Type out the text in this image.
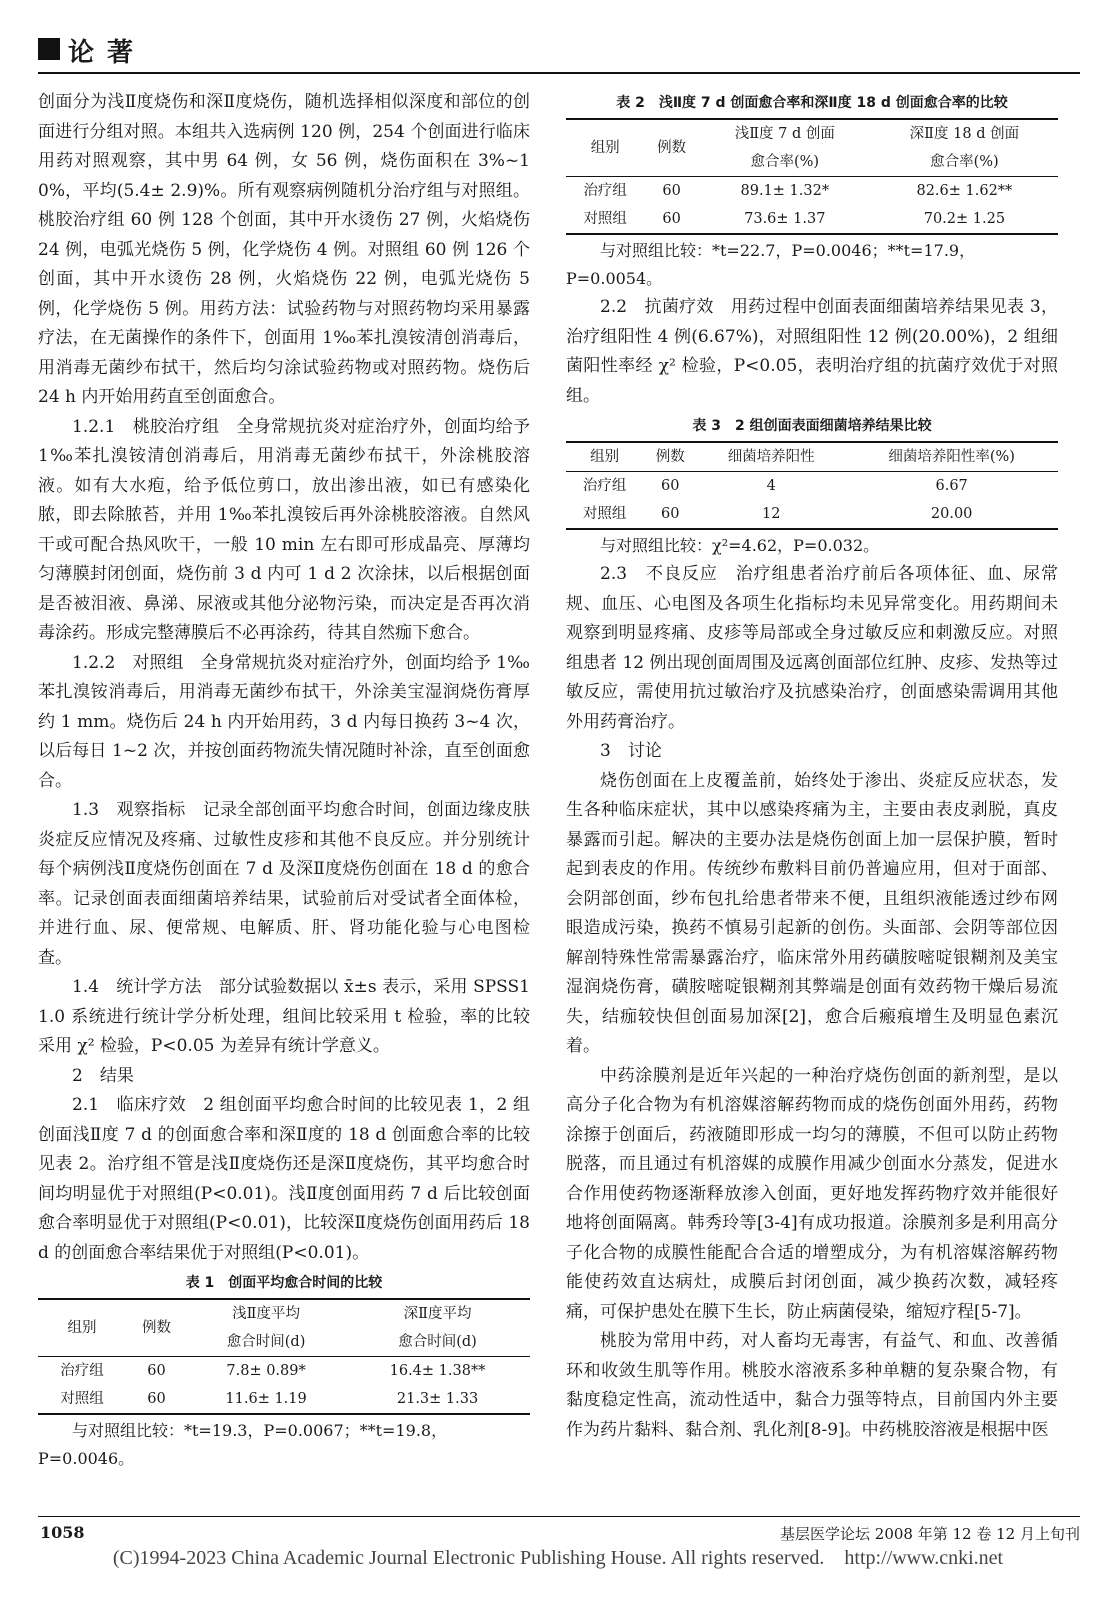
论 著

创面分为浅Ⅱ度烧伤和深Ⅱ度烧伤，随机选择相似深度和部位的创面进行分组对照。本组共入选病例 120 例，254 个创面进行临床用药对照观察，其中男 64 例，女 56 例，烧伤面积在 3%~10%，平均(5.4± 2.9)%。所有观察病例随机分治疗组与对照组。桃胶治疗组 60 例 128 个创面，其中开水烫伤 27 例，火焰烧伤 24 例，电弧光烧伤 5 例，化学烧伤 4 例。对照组 60 例 126 个创面，其中开水烫伤 28 例，火焰烧伤 22 例，电弧光烧伤 5 例，化学烧伤 5 例。用药方法：试验药物与对照药物均采用暴露疗法，在无菌操作的条件下，创面用 1‰苯扎溴铵清创消毒后，用消毒无菌纱布拭干，然后均匀涂试验药物或对照药物。烧伤后 24 h 内开始用药直至创面愈合。

1.2.1　桃胶治疗组　全身常规抗炎对症治疗外，创面均给予 1‰苯扎溴铵清创消毒后，用消毒无菌纱布拭干，外涂桃胶溶液。如有大水疱，给予低位剪口，放出渗出液，如已有感染化脓，即去除脓苔，并用 1‰苯扎溴铵后再外涂桃胶溶液。自然风干或可配合热风吹干，一般 10 min 左右即可形成晶亮、厚薄均匀薄膜封闭创面，烧伤前 3 d 内可 1 d 2 次涂抹，以后根据创面是否被泪液、鼻涕、尿液或其他分泌物污染，而决定是否再次消毒涂药。形成完整薄膜后不必再涂药，待其自然痂下愈合。

1.2.2　对照组　全身常规抗炎对症治疗外，创面均给予 1‰苯扎溴铵消毒后，用消毒无菌纱布拭干，外涂美宝湿润烧伤膏厚约 1 mm。烧伤后 24 h 内开始用药，3 d 内每日换药 3~4 次，以后每日 1~2 次，并按创面药物流失情况随时补涂，直至创面愈合。

1.3　观察指标　记录全部创面平均愈合时间，创面边缘皮肤炎症反应情况及疼痛、过敏性皮疹和其他不良反应。并分别统计每个病例浅Ⅱ度烧伤创面在 7 d 及深Ⅱ度烧伤创面在 18 d 的愈合率。记录创面表面细菌培养结果，试验前后对受试者全面体检，并进行血、尿、便常规、电解质、肝、肾功能化验与心电图检查。

1.4　统计学方法　部分试验数据以 x̄±s 表示，采用 SPSS11.0 系统进行统计学分析处理，组间比较采用 t 检验，率的比较采用 χ² 检验，P<0.05 为差异有统计学意义。

2　结果

2.1　临床疗效　2 组创面平均愈合时间的比较见表 1，2 组创面浅Ⅱ度 7 d 的创面愈合率和深Ⅱ度的 18 d 创面愈合率的比较见表 2。治疗组不管是浅Ⅱ度烧伤还是深Ⅱ度烧伤，其平均愈合时间均明显优于对照组(P<0.01)。浅Ⅱ度创面用药 7 d 后比较创面愈合率明显优于对照组(P<0.01)，比较深Ⅱ度烧伤创面用药后 18 d 的创面愈合率结果优于对照组(P<0.01)。

表 1　创面平均愈合时间的比较
组别	例数	浅Ⅱ度平均	深Ⅱ度平均
		愈合时间(d)	愈合时间(d)
治疗组	60	7.8± 0.89*	16.4± 1.38**
对照组	60	11.6± 1.19	21.3± 1.33

与对照组比较：*t=19.3，P=0.0067；**t=19.8，P=0.0046。

表 2　浅Ⅱ度 7 d 创面愈合率和深Ⅱ度 18 d 创面愈合率的比较
组别	例数	浅Ⅱ度 7 d 创面	深Ⅱ度 18 d 创面
		愈合率(%)	愈合率(%)
治疗组	60	89.1± 1.32*	82.6± 1.62**
对照组	60	73.6± 1.37	70.2± 1.25

与对照组比较：*t=22.7，P=0.0046；**t=17.9，P=0.0054。

2.2　抗菌疗效　用药过程中创面表面细菌培养结果见表 3，治疗组阳性 4 例(6.67%)，对照组阳性 12 例(20.00%)，2 组细菌阳性率经 χ² 检验，P<0.05，表明治疗组的抗菌疗效优于对照组。

表 3　2 组创面表面细菌培养结果比较
组别	例数	细菌培养阳性	细菌培养阳性率(%)
治疗组	60	4	6.67
对照组	60	12	20.00

与对照组比较：χ²=4.62，P=0.032。

2.3　不良反应　治疗组患者治疗前后各项体征、血、尿常规、血压、心电图及各项生化指标均未见异常变化。用药期间未观察到明显疼痛、皮疹等局部或全身过敏反应和刺激反应。对照组患者 12 例出现创面周围及远离创面部位红肿、皮疹、发热等过敏反应，需使用抗过敏治疗及抗感染治疗，创面感染需调用其他外用药膏治疗。

3　讨论

烧伤创面在上皮覆盖前，始终处于渗出、炎症反应状态，发生各种临床症状，其中以感染疼痛为主，主要由表皮剥脱，真皮暴露而引起。解决的主要办法是烧伤创面上加一层保护膜，暂时起到表皮的作用。传统纱布敷料目前仍普遍应用，但对于面部、会阴部创面，纱布包扎给患者带来不便，且组织液能透过纱布网眼造成污染，换药不慎易引起新的创伤。头面部、会阴等部位因解剖特殊性常需暴露治疗，临床常外用药磺胺嘧啶银糊剂及美宝湿润烧伤膏，磺胺嘧啶银糊剂其弊端是创面有效药物干燥后易流失，结痂较快但创面易加深[2]，愈合后瘢痕增生及明显色素沉着。

中药涂膜剂是近年兴起的一种治疗烧伤创面的新剂型，是以高分子化合物为有机溶媒溶解药物而成的烧伤创面外用药，药物涂擦于创面后，药液随即形成一均匀的薄膜，不但可以防止药物脱落，而且通过有机溶媒的成膜作用减少创面水分蒸发，促进水合作用使药物逐渐释放渗入创面，更好地发挥药物疗效并能很好地将创面隔离。韩秀玲等[3-4]有成功报道。涂膜剂多是利用高分子化合物的成膜性能配合合适的增塑成分，为有机溶媒溶解药物能使药效直达病灶，成膜后封闭创面，减少换药次数，减轻疼痛，可保护患处在膜下生长，防止病菌侵染，缩短疗程[5-7]。

桃胶为常用中药，对人畜均无毒害，有益气、和血、改善循环和收敛生肌等作用。桃胶水溶液系多种单糖的复杂聚合物，有黏度稳定性高，流动性适中，黏合力强等特点，目前国内外主要作为药片黏料、黏合剂、乳化剂[8-9]。中药桃胶溶液是根据中医

1058	基层医学论坛 2008 年第 12 卷 12 月上旬刊
(C)1994-2023 China Academic Journal Electronic Publishing House. All rights reserved.　http://www.cnki.net
